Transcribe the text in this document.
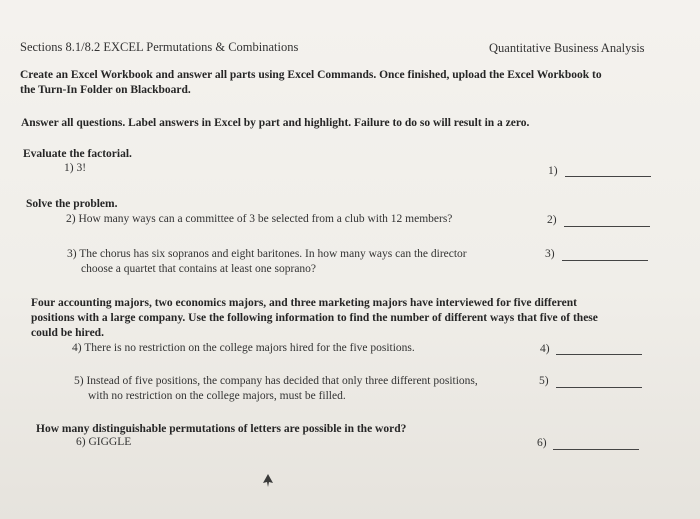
Sections 8.1/8.2 EXCEL Permutations & Combinations	Quantitative Business Analysis
Create an Excel Workbook and answer all parts using Excel Commands. Once finished, upload the Excel Workbook to
the Turn-In Folder on Blackboard.
Answer all questions. Label answers in Excel by part and highlight. Failure to do so will result in a zero.
Evaluate the factorial.
1) 3!	1)
Solve the problem.
2) How many ways can a committee of 3 be selected from a club with 12 members?	2)
3) The chorus has six sopranos and eight baritones. In how many ways can the director
choose a quartet that contains at least one soprano?
3)
Four accounting majors, two economics majors, and three marketing majors have interviewed for five different
positions with a large company. Use the following information to find the number of different ways that five of these
could be hired.
4) There is no restriction on the college majors hired for the five positions.	4)
5) Instead of five positions, the company has decided that only three different positions,
with no restriction on the college majors, must be filled.
5)
How many distinguishable permutations of letters are possible in the word?
6) GIGGLE	6)
